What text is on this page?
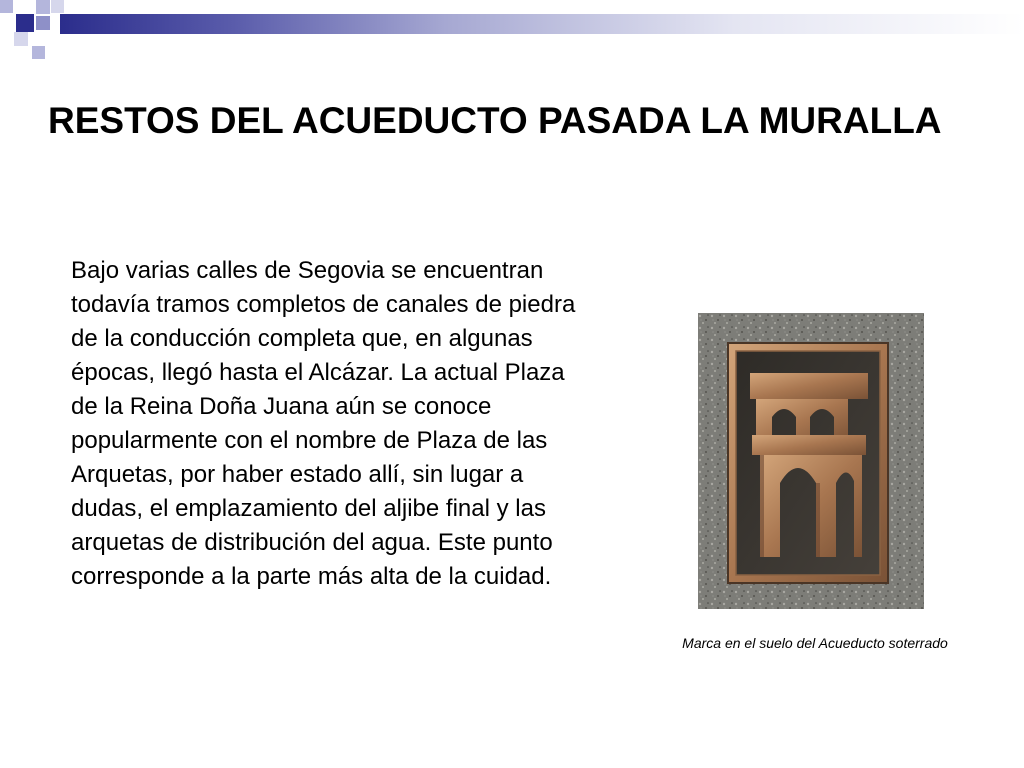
RESTOS DEL ACUEDUCTO PASADA LA MURALLA

Bajo varias calles de Segovia se encuentran todavía tramos completos de canales de piedra de la conducción completa que, en algunas épocas, llegó hasta el Alcázar. La actual Plaza de la Reina Doña Juana aún se conoce popularmente con el nombre de Plaza de las Arquetas, por haber estado allí, sin lugar a dudas, el emplazamiento del aljibe final y las arquetas de distribución del agua. Este punto corresponde a la parte más alta de la cuidad.

Marca en el suelo del Acueducto soterrado
